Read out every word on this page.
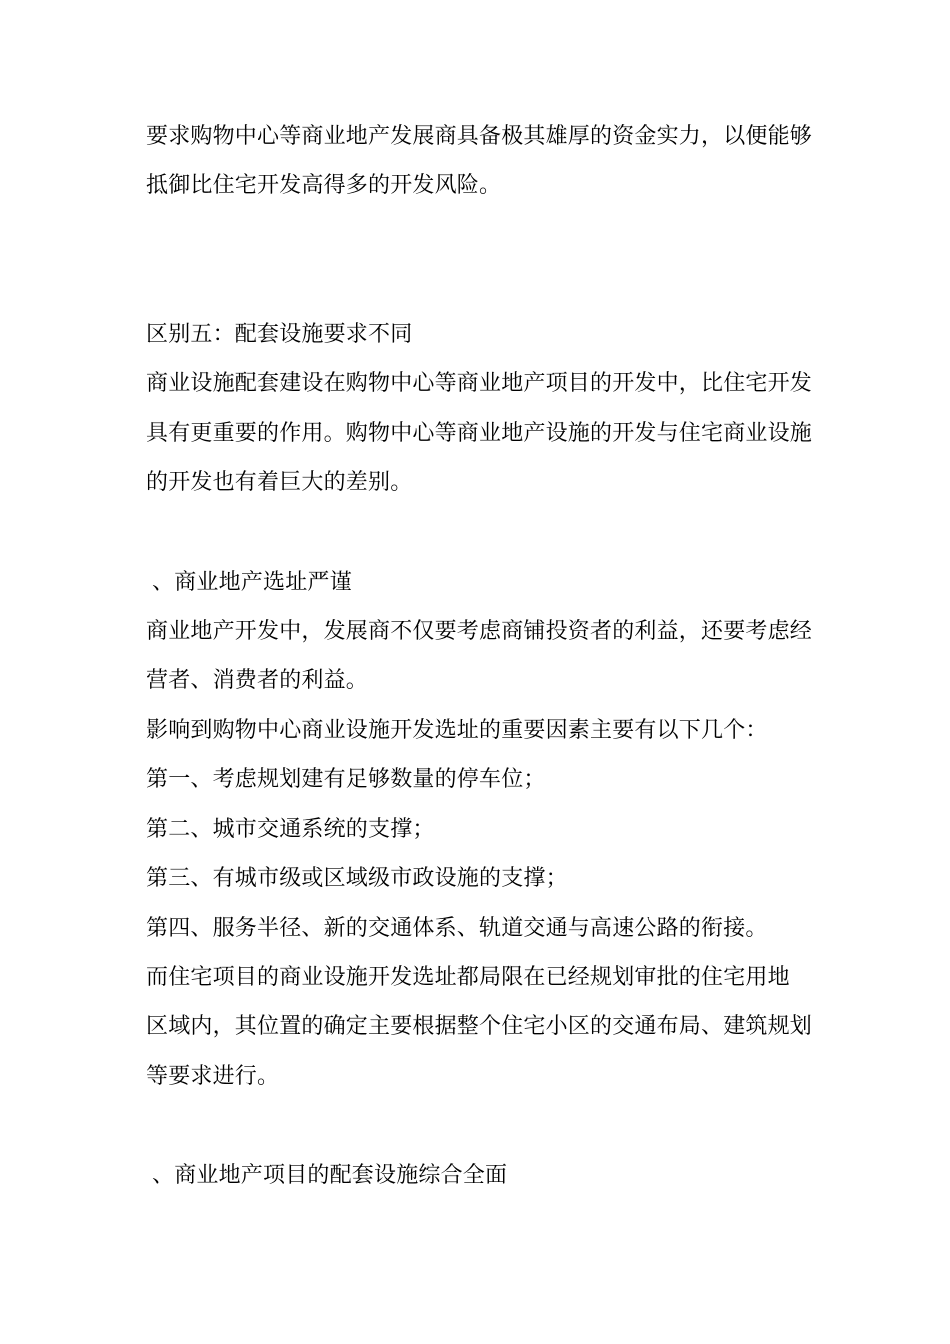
要求购物中心等商业地产发展商具备极其雄厚的资金实力，以便能够
抵御比住宅开发高得多的开发风险。
区别五：配套设施要求不同
商业设施配套建设在购物中心等商业地产项目的开发中，比住宅开发
具有更重要的作用。购物中心等商业地产设施的开发与住宅商业设施
的开发也有着巨大的差别。
、商业地产选址严谨
商业地产开发中，发展商不仅要考虑商铺投资者的利益，还要考虑经
营者、消费者的利益。
影响到购物中心商业设施开发选址的重要因素主要有以下几个：
第一、考虑规划建有足够数量的停车位；
第二、城市交通系统的支撑；
第三、有城市级或区域级市政设施的支撑；
第四、服务半径、新的交通体系、轨道交通与高速公路的衔接。
而住宅项目的商业设施开发选址都局限在已经规划审批的住宅用地
区域内，其位置的确定主要根据整个住宅小区的交通布局、建筑规划
等要求进行。
、商业地产项目的配套设施综合全面
